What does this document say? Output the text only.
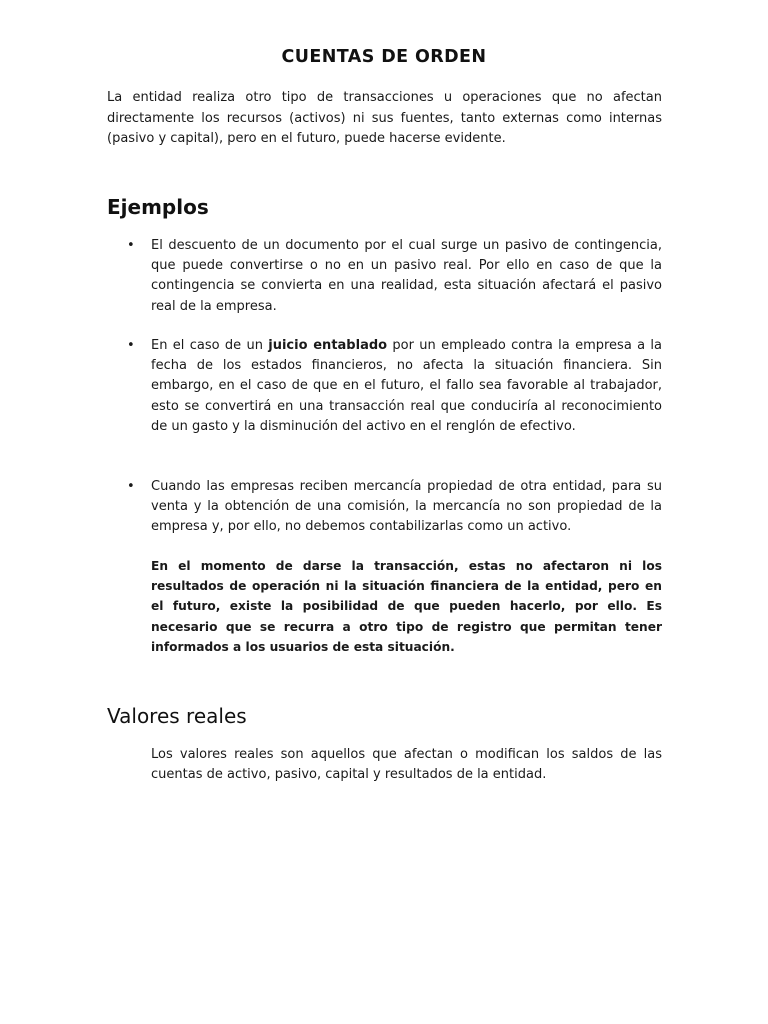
CUENTAS DE ORDEN

La entidad realiza otro tipo de transacciones u operaciones que no afectan directamente los recursos (activos) ni sus fuentes, tanto externas como internas (pasivo y capital), pero en el futuro, puede hacerse evidente.

Ejemplos
• El descuento de un documento por el cual surge un pasivo de contingencia, que puede convertirse o no en un pasivo real. Por ello en caso de que la contingencia se convierta en una realidad, esta situación afectará el pasivo real de la empresa.
• En el caso de un juicio entablado por un empleado contra la empresa a la fecha de los estados financieros, no afecta la situación financiera. Sin embargo, en el caso de que en el futuro, el fallo sea favorable al trabajador, esto se convertirá en una transacción real que conduciría al reconocimiento de un gasto y la disminución del activo en el renglón de efectivo.
• Cuando las empresas reciben mercancía propiedad de otra entidad, para su venta y la obtención de una comisión, la mercancía no son propiedad de la empresa y, por ello, no debemos contabilizarlas como un activo.

En el momento de darse la transacción, estas no afectaron ni los resultados de operación ni la situación financiera de la entidad, pero en el futuro, existe la posibilidad de que pueden hacerlo, por ello. Es necesario que se recurra a otro tipo de registro que permitan tener informados a los usuarios de esta situación.

Valores reales

Los valores reales son aquellos que afectan o modifican los saldos de las cuentas de activo, pasivo, capital y resultados de la entidad.
